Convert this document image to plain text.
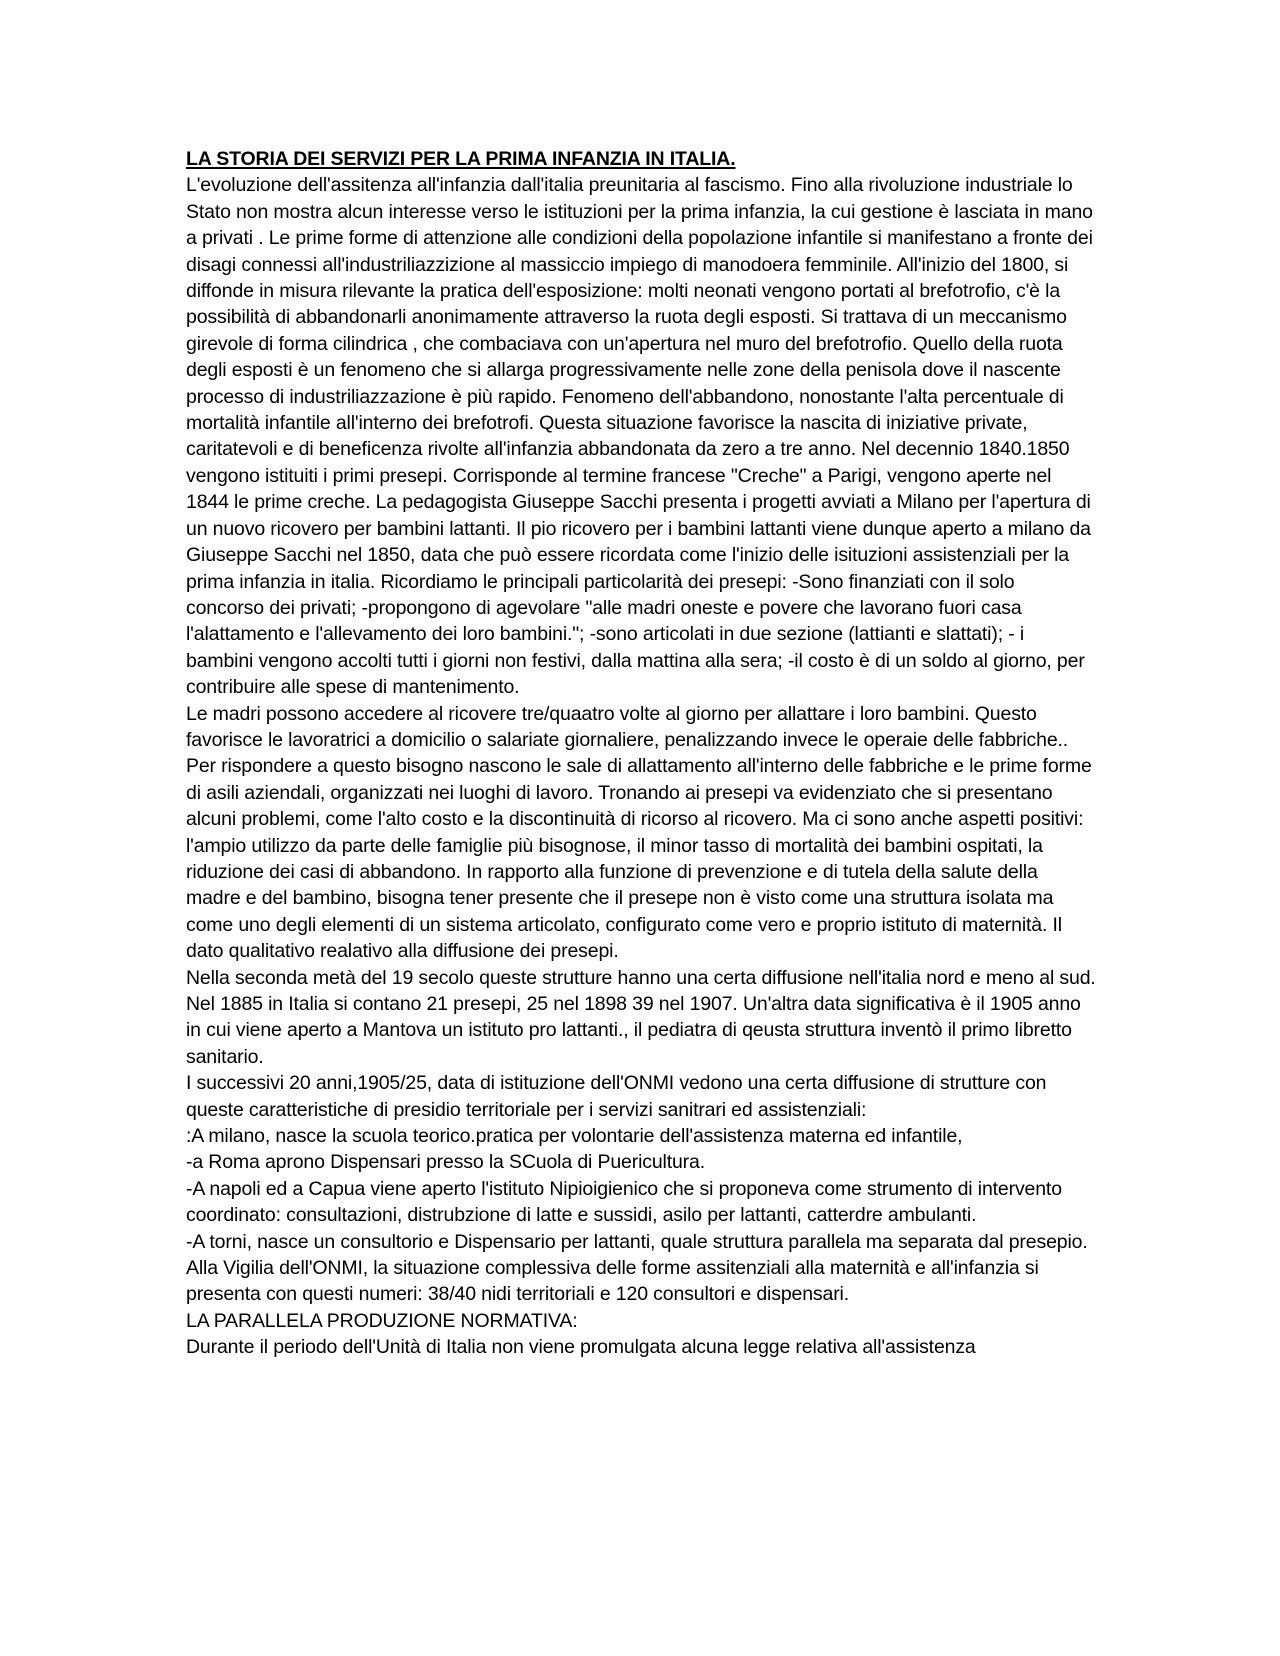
LA STORIA DEI SERVIZI PER LA PRIMA INFANZIA IN ITALIA.

L'evoluzione dell'assitenza all'infanzia dall'italia preunitaria al fascismo. Fino alla rivoluzione industriale lo Stato non mostra alcun interesse verso le istituzioni per la prima infanzia, la cui gestione è lasciata in mano a privati . Le prime forme di attenzione alle condizioni della popolazione infantile si manifestano a fronte dei disagi connessi all'industriliazzizione al massiccio impiego di manodoera femminile. All'inizio del 1800, si diffonde in misura rilevante la pratica dell'esposizione: molti neonati vengono portati al brefotrofio, c'è la possibilità di abbandonarli anonimamente attraverso la ruota degli esposti. Si trattava di un meccanismo girevole di forma cilindrica , che combaciava con un'apertura nel muro del brefotrofio. Quello della ruota degli esposti è un fenomeno che si allarga progressivamente nelle zone della penisola dove il nascente processo di industriliazzazione è più rapido. Fenomeno dell'abbandono, nonostante l'alta percentuale di mortalità infantile all'interno dei brefotrofi. Questa situazione favorisce la nascita di iniziative private, caritatevoli e di beneficenza rivolte all'infanzia abbandonata da zero a tre anno. Nel decennio 1840.1850 vengono istituiti i primi presepi. Corrisponde al termine francese "Creche" a Parigi, vengono aperte nel 1844 le prime creche. La pedagogista Giuseppe Sacchi presenta i progetti avviati a Milano per l'apertura di un nuovo ricovero per bambini lattanti. Il pio ricovero per i bambini lattanti viene dunque aperto a milano da Giuseppe Sacchi nel 1850, data che può essere ricordata come l'inizio delle isituzioni assistenziali per la prima infanzia in italia. Ricordiamo le principali particolarità dei presepi: -Sono finanziati con il solo concorso dei privati; -propongono di agevolare "alle madri oneste e povere che lavorano fuori casa l'alattamento e l'allevamento dei loro bambini."; -sono articolati in due sezione (lattianti e slattati); - i bambini vengono accolti tutti i giorni non festivi, dalla mattina alla sera; -il costo è di un soldo al giorno, per contribuire alle spese di mantenimento.

Le madri possono accedere al ricovere tre/quaatro volte al giorno per allattare i loro bambini. Questo favorisce le lavoratrici a domicilio o salariate giornaliere, penalizzando invece le operaie delle fabbriche.. Per rispondere a questo bisogno nascono le sale di allattamento all'interno delle fabbriche e le prime forme di asili aziendali, organizzati nei luoghi di lavoro. Tronando ai presepi va evidenziato che si presentano alcuni problemi, come l'alto costo e la discontinuità di ricorso al ricovero. Ma ci sono anche aspetti positivi: l'ampio utilizzo da parte delle famiglie più bisognose, il minor tasso di mortalità dei bambini ospitati, la riduzione dei casi di abbandono. In rapporto alla funzione di prevenzione e di tutela della salute della madre e del bambino, bisogna tener presente che il presepe non è visto come una struttura isolata ma come uno degli elementi di un sistema articolato, configurato come vero e proprio istituto di maternità. Il dato qualitativo realativo alla diffusione dei presepi.

Nella seconda metà del 19 secolo queste strutture hanno una certa diffusione nell'italia nord e meno al sud. Nel 1885 in Italia si contano 21 presepi, 25 nel 1898 39 nel 1907. Un'altra data significativa è il 1905 anno in cui viene aperto a Mantova un istituto pro lattanti., il pediatra di qeusta struttura inventò il primo libretto sanitario.

I successivi 20 anni,1905/25, data di istituzione dell'ONMI vedono una certa diffusione di strutture con queste caratteristiche di presidio territoriale per i servizi sanitrari ed assistenziali:

:A milano, nasce la scuola teorico.pratica per volontarie dell'assistenza materna ed infantile,

-a Roma aprono Dispensari presso la SCuola di Puericultura.

-A napoli ed a Capua viene aperto l'istituto Nipioigienico che si proponeva come strumento di intervento coordinato: consultazioni, distrubzione di latte e sussidi, asilo per lattanti, catterdre ambulanti.

-A torni, nasce un consultorio e Dispensario per lattanti, quale struttura parallela ma separata dal presepio.

Alla Vigilia dell'ONMI, la situazione complessiva delle forme assitenziali alla maternità e all'infanzia si presenta con questi numeri: 38/40 nidi territoriali e 120 consultori e dispensari.

LA PARALLELA PRODUZIONE NORMATIVA:

Durante il periodo dell'Unità di Italia non viene promulgata alcuna legge relativa all'assistenza
